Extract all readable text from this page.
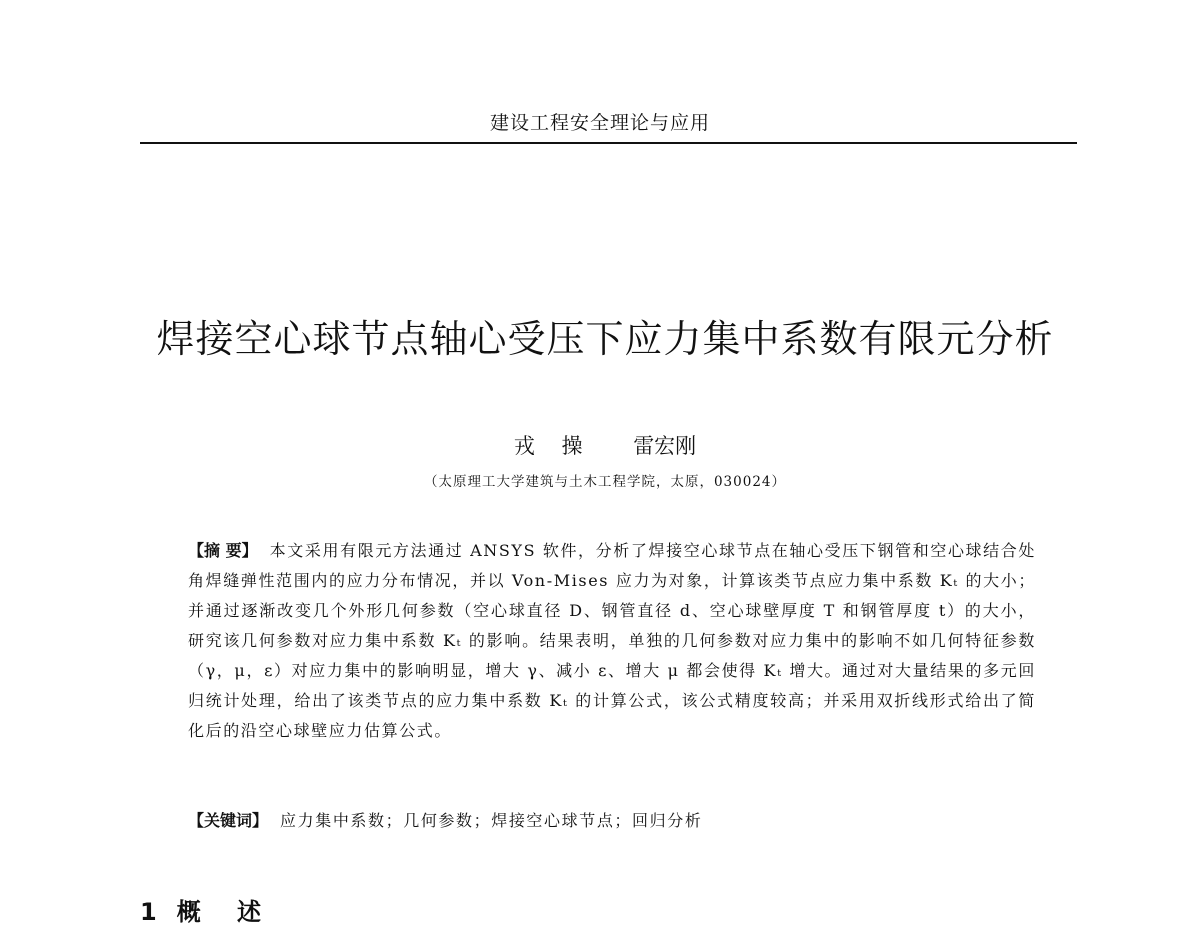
建设工程安全理论与应用
焊接空心球节点轴心受压下应力集中系数有限元分析
戎 操 雷宏刚
（太原理工大学建筑与土木工程学院，太原，030024）
【摘 要】 本文采用有限元方法通过 ANSYS 软件，分析了焊接空心球节点在轴心受压下钢管和空心球结合处角焊缝弹性范围内的应力分布情况，并以 Von-Mises 应力为对象，计算该类节点应力集中系数 Kₜ 的大小；并通过逐渐改变几个外形几何参数（空心球直径 D、钢管直径 d、空心球壁厚度 T 和钢管厚度 t）的大小，研究该几何参数对应力集中系数 Kₜ 的影响。结果表明，单独的几何参数对应力集中的影响不如几何特征参数（γ，μ，ε）对应力集中的影响明显，增大 γ、减小 ε、增大 μ 都会使得 Kₜ 增大。通过对大量结果的多元回归统计处理，给出了该类节点的应力集中系数 Kₜ 的计算公式，该公式精度较高；并采用双折线形式给出了简化后的沿空心球壁应力估算公式。
【关键词】 应力集中系数；几何参数；焊接空心球节点；回归分析
1 概 述
